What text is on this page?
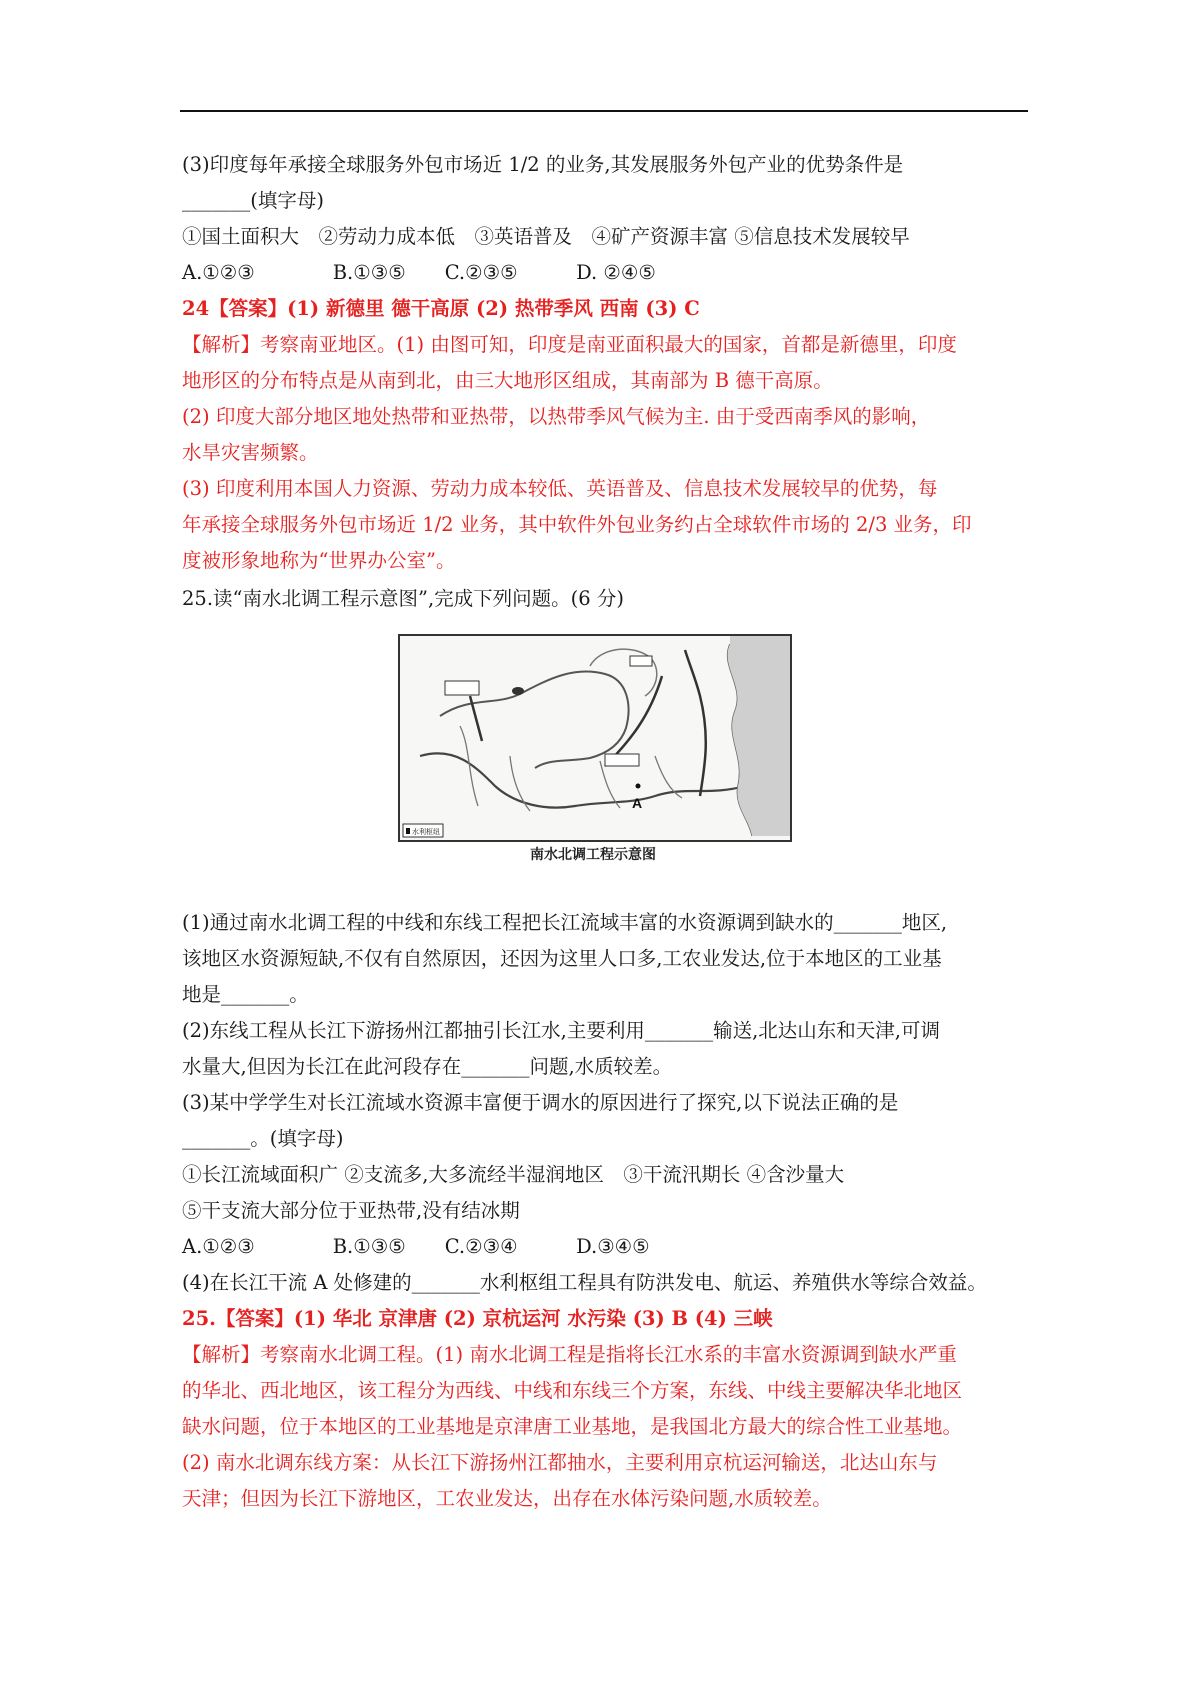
(3)印度每年承接全球服务外包市场近 1/2 的业务,其发展服务外包产业的优势条件是
_______(填字母)
①国土面积大　②劳动力成本低　③英语普及　④矿产资源丰富 ⑤信息技术发展较早
A.①②③　　　　B.①③⑤　　C.②③⑤　　　D. ②④⑤
24【答案】(1) 新德里 德干高原 (2) 热带季风 西南 (3) C
【解析】考察南亚地区。(1) 由图可知，印度是南亚面积最大的国家，首都是新德里，印度
地形区的分布特点是从南到北，由三大地形区组成，其南部为 B 德干高原。
(2) 印度大部分地区地处热带和亚热带，以热带季风气候为主. 由于受西南季风的影响，
水旱灾害频繁。
(3) 印度利用本国人力资源、劳动力成本较低、英语普及、信息技术发展较早的优势，每
年承接全球服务外包市场近 1/2 业务，其中软件外包业务约占全球软件市场的 2/3 业务，印
度被形象地称为“世界办公室”。
25.读“南水北调工程示意图”,完成下列问题。(6 分)
A
水利枢纽
南水北调工程示意图
(1)通过南水北调工程的中线和东线工程把长江流域丰富的水资源调到缺水的_______地区,
该地区水资源短缺,不仅有自然原因，还因为这里人口多,工农业发达,位于本地区的工业基
地是_______。
(2)东线工程从长江下游扬州江都抽引长江水,主要利用_______输送,北达山东和天津,可调
水量大,但因为长江在此河段存在_______问题,水质较差。
(3)某中学学生对长江流域水资源丰富便于调水的原因进行了探究,以下说法正确的是
_______。(填字母)
①长江流域面积广 ②支流多,大多流经半湿润地区　③干流汛期长 ④含沙量大
⑤干支流大部分位于亚热带,没有结冰期
A.①②③　　　　B.①③⑤　　C.②③④　　　D.③④⑤
(4)在长江干流 A 处修建的_______水利枢组工程具有防洪发电、航运、养殖供水等综合效益。
25.【答案】(1) 华北 京津唐 (2) 京杭运河 水污染 (3) B (4) 三峡
【解析】考察南水北调工程。(1) 南水北调工程是指将长江水系的丰富水资源调到缺水严重
的华北、西北地区，该工程分为西线、中线和东线三个方案，东线、中线主要解决华北地区
缺水问题，位于本地区的工业基地是京津唐工业基地，是我国北方最大的综合性工业基地。
(2) 南水北调东线方案：从长江下游扬州江都抽水，主要利用京杭运河输送，北达山东与
天津；但因为长江下游地区，工农业发达，出存在水体污染问题,水质较差。
